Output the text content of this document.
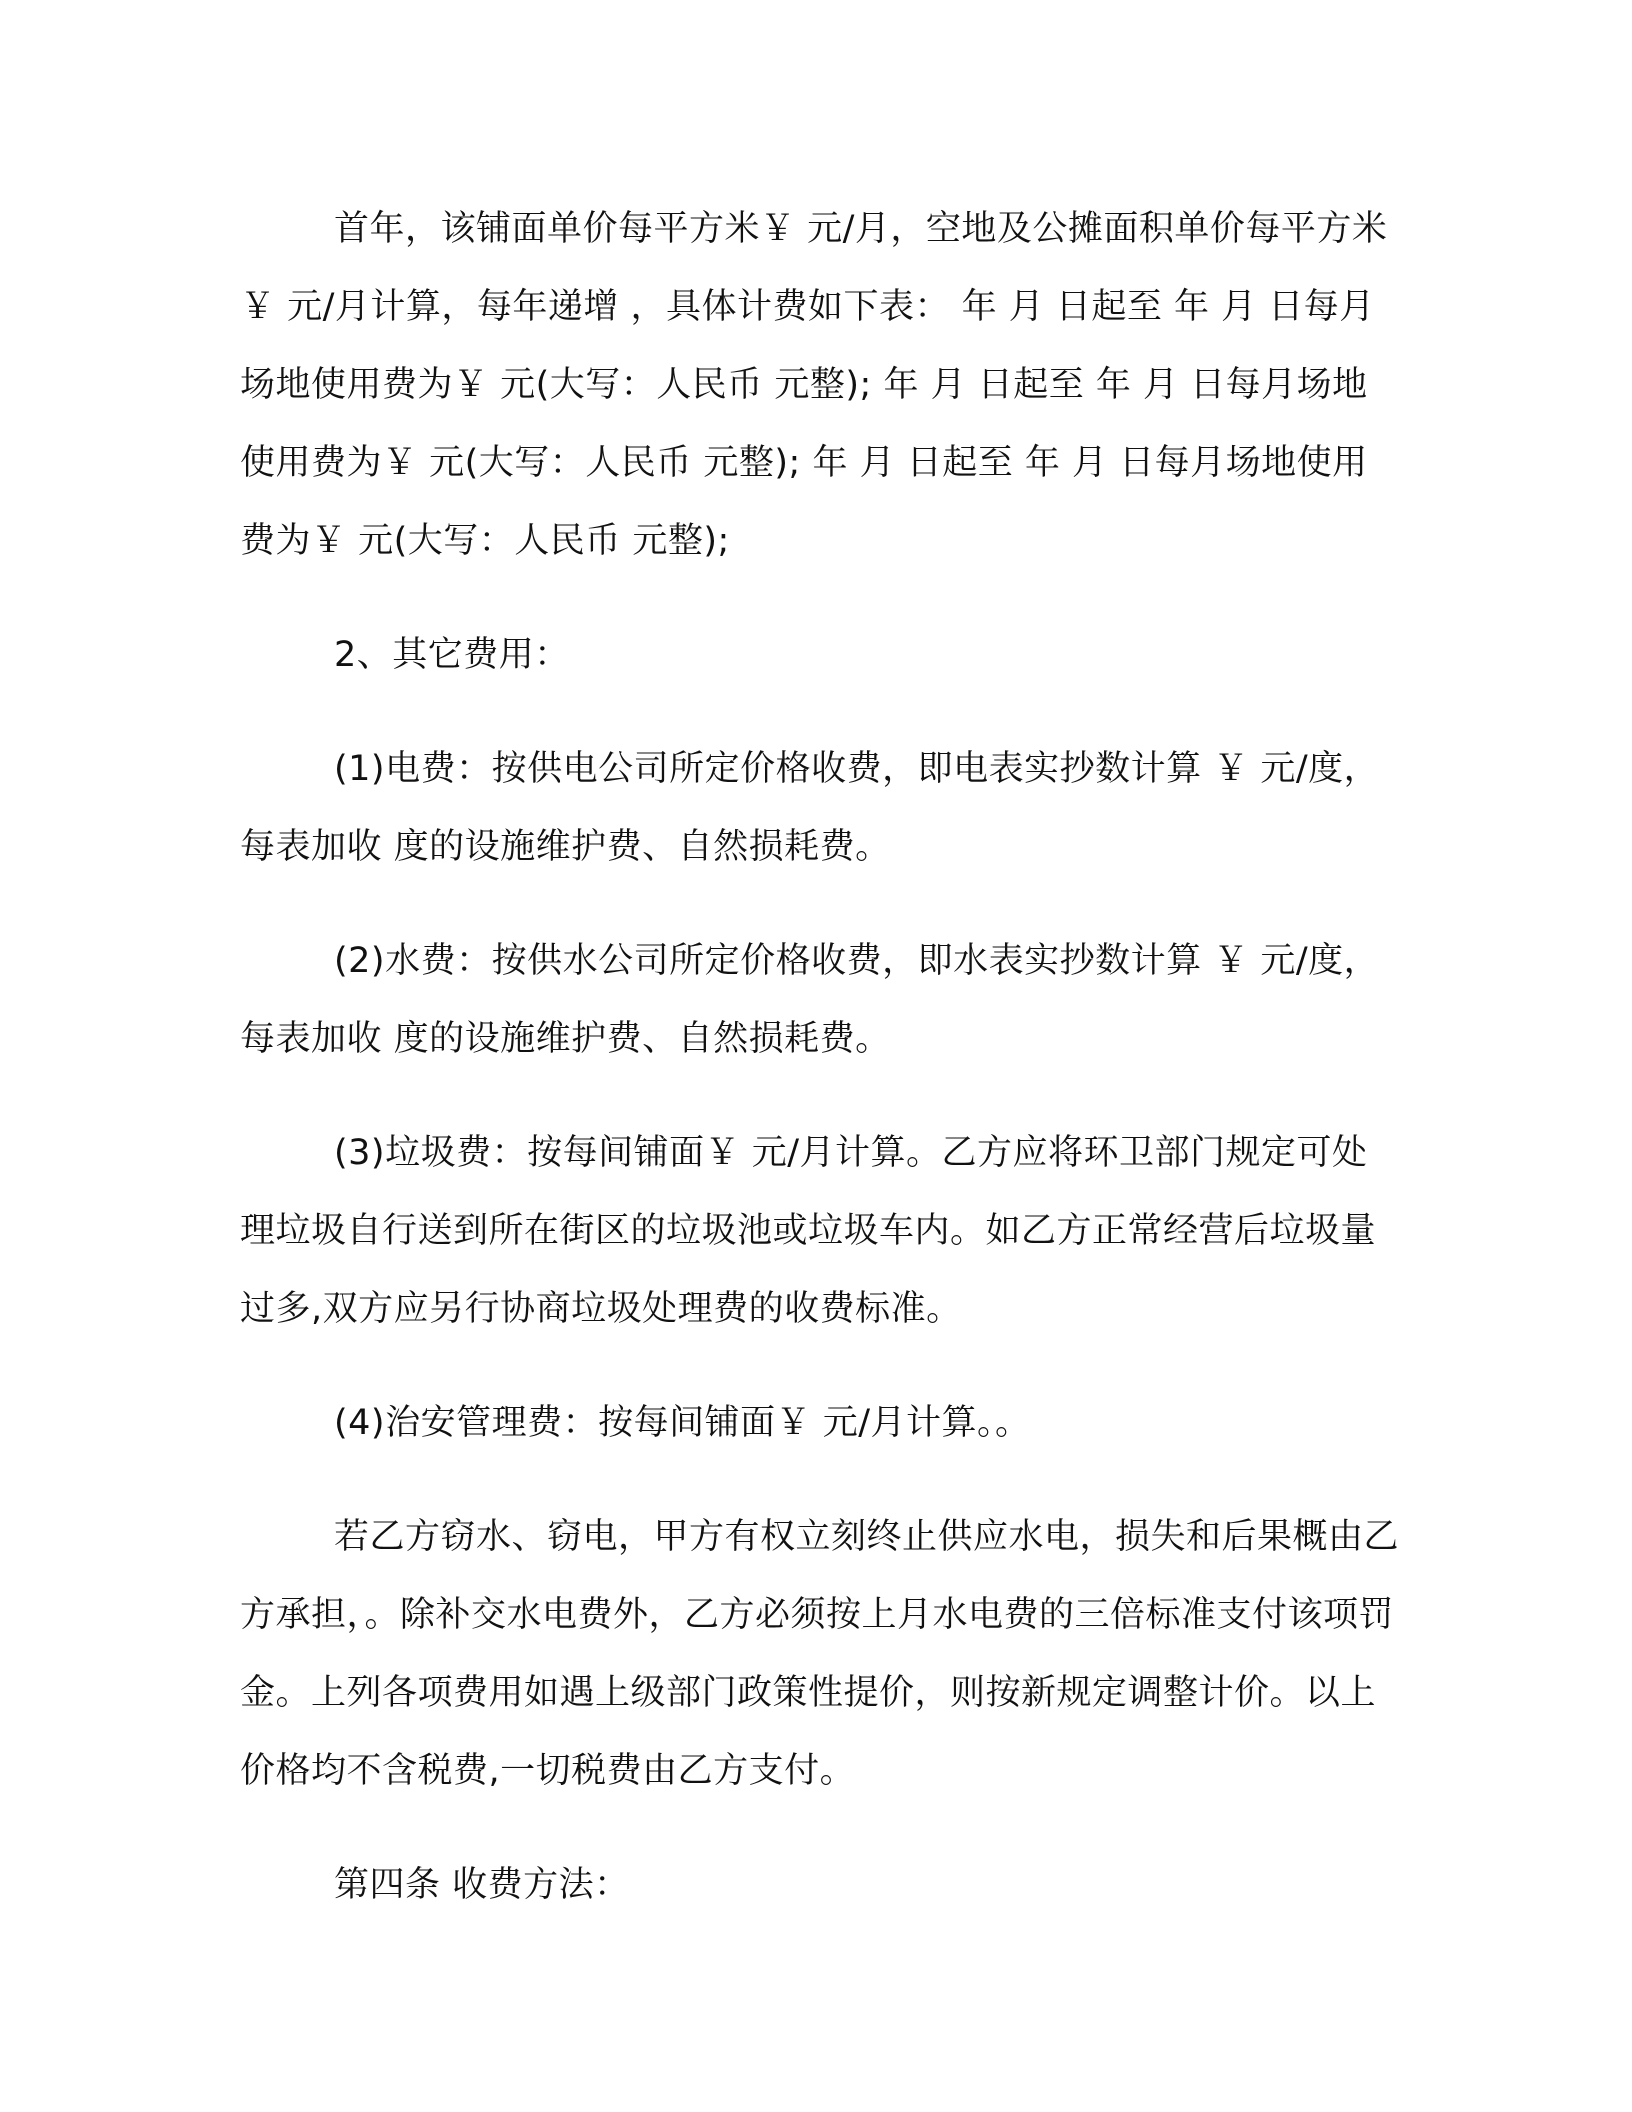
首年，该铺面单价每平方米￥ 元/月，空地及公摊面积单价每平方米￥ 元/月计算，每年递增 ，具体计费如下表： 年 月 日起至 年 月 日每月场地使用费为￥ 元(大写：人民币 元整); 年 月 日起至 年 月 日每月场地使用费为￥ 元(大写：人民币 元整); 年 月 日起至 年 月 日每月场地使用费为￥ 元(大写：人民币 元整);

2、其它费用：

(1)电费：按供电公司所定价格收费，即电表实抄数计算 ￥ 元/度，每表加收 度的设施维护费、自然损耗费。

(2)水费：按供水公司所定价格收费，即水表实抄数计算 ￥ 元/度，每表加收 度的设施维护费、自然损耗费。

(3)垃圾费：按每间铺面￥ 元/月计算。乙方应将环卫部门规定可处理垃圾自行送到所在街区的垃圾池或垃圾车内。如乙方正常经营后垃圾量过多,双方应另行协商垃圾处理费的收费标准。

(4)治安管理费：按每间铺面￥ 元/月计算。。

若乙方窃水、窃电，甲方有权立刻终止供应水电，损失和后果概由乙方承担，。除补交水电费外，乙方必须按上月水电费的三倍标准支付该项罚金。上列各项费用如遇上级部门政策性提价，则按新规定调整计价。以上价格均不含税费,一切税费由乙方支付。

第四条 收费方法：
